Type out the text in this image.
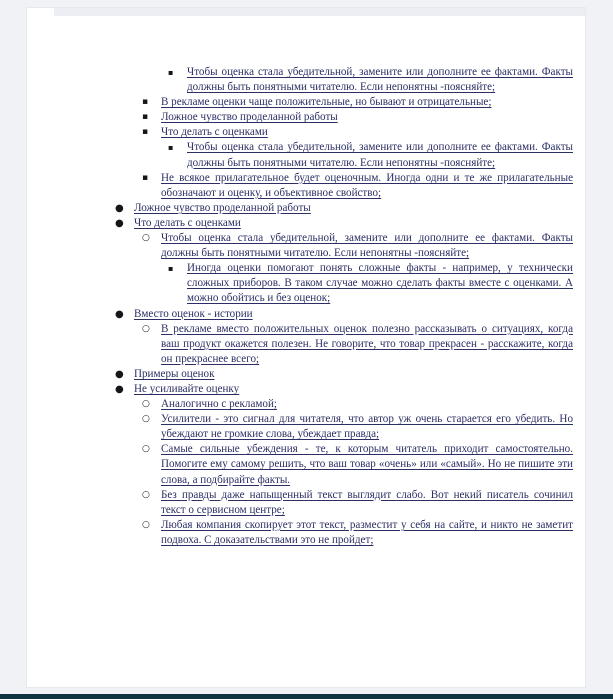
▪ Чтобы оценка стала убедительной, заменитe или дополните ее фактами. Факты должны быть понятными читателю. Если непонятны -поясняйте;
▪ В рекламе оценки чаще положительные, но бывают и отрицательные;
▪ Ложное чувство проделанной работы
▪ Что делать с оценками
▪ Чтобы оценка стала убедительной, заменитe или дополните ее фактами. Факты должны быть понятными читателю. Если непонятны -поясняйте;
▪ Не всякое прилагательное будет оценочным. Иногда одни и те же прилагательные обозначают и оценку, и объективное свойство;
● Ложное чувство проделанной работы
● Что делать с оценками
○ Чтобы оценка стала убедительной, заменитe или дополните ее фактами. Факты должны быть понятными читателю. Если непонятны -поясняйте;
▪ Иногда оценки помогают понять сложные факты - например, у технически сложных приборов. В таком случае можно сделать факты вместе с оценками. А можно обойтись и без оценок;
● Вместо оценок - истории
○ В рекламе вместо положительных оценок полезно рассказывать о ситуациях, когда ваш продукт окажется полезен. Не говорите, что товар прекрасен - расскажите, когда он прекраснее всего;
● Примеры оценок
● Не усиливайте оценку
○ Аналогично с рекламой;
○ Усилители - это сигнал для читателя, что автор уж очень старается его убедить. Но убеждают не громкие слова, убеждает правда;
○ Самые сильные убеждения - те, к которым читатель приходит самостоятельно. Помогите ему самому решить, что ваш товар «очень» или «самый». Но не пишите эти слова, а подбирайте факты.
○ Без правды даже напыщенный текст выглядит слабо. Вот некий писатель сочинил текст о сервисном центре;
○ Любая компания скопирует этот текст, разместит у себя на сайте, и никто не заметит подвоха. С доказательствами это не пройдет;
